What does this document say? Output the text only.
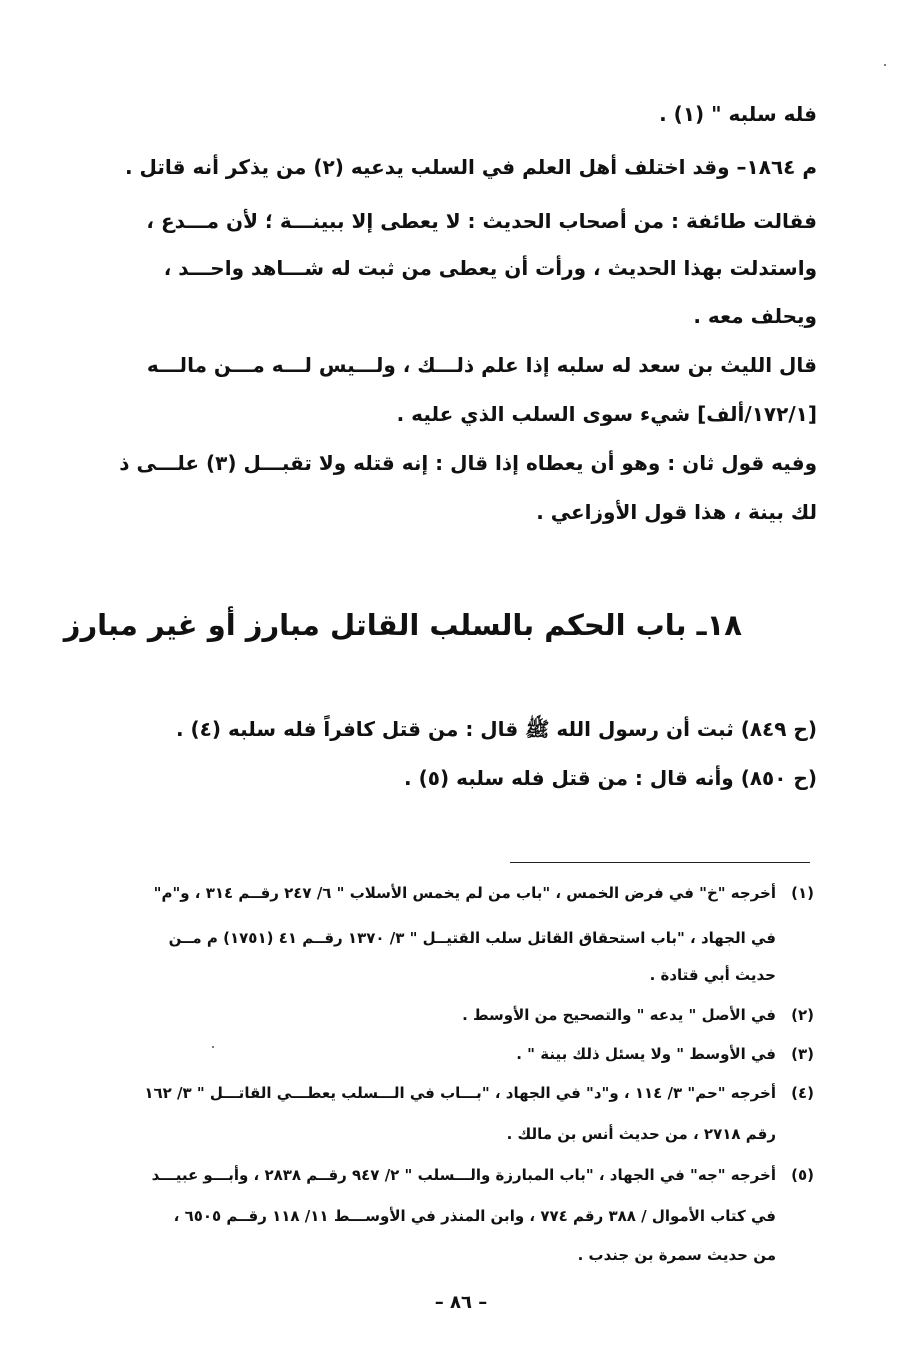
فله سلبه " (١) .
م ١٨٦٤– وقد اختلف أهل العلم في السلب يدعيه (٢) من يذكر أنه قاتل .
فقالت طائفة : من أصحاب الحديث : لا يعطى إلا ببينـــة ؛ لأن مـــدع ،
واستدلت بهذا الحديث ، ورأت أن يعطى من ثبت له شـــاهد واحـــد ،
ويحلف معه .
قال الليث بن سعد له سلبه إذا علم ذلـــك ، ولـــيس لـــه مـــن مالـــه
[١٧٢/١/ألف] شيء سوى السلب الذي عليه .
وفيه قول ثان : وهو أن يعطاه إذا قال : إنه قتله ولا تقبـــل (٣) علـــى ذ
لك بينة ، هذا قول الأوزاعي .
١٨ـ باب الحكم بالسلب القاتل مبارز أو غير مبارز
(ح ٨٤٩) ثبت أن رسول الله ﷺ قال : من قتل كافراً فله سلبه (٤) .
(ح ٨٥٠) وأنه قال : من قتل فله سلبه (٥) .
(١)أخرجه "خ" في فرض الخمس ، "باب من لم يخمس الأسلاب " ٦/ ٢٤٧ رقــم ٣١٤ ، و"م"
في الجهاد ، "باب استحقاق القاتل سلب القتيــل " ٣/ ١٣٧٠ رقــم ٤١ (١٧٥١) م مــن
حديث أبي قتادة .
(٢)في الأصل " يدعه " والتصحيح من الأوسط .
(٣)في الأوسط " ولا يسئل ذلك بينة " .
(٤)أخرجه "حم" ٣/ ١١٤ ، و"د" في الجهاد ، "بـــاب في الـــسلب يعطـــي القاتـــل " ٣/ ١٦٢
رقم ٢٧١٨ ، من حديث أنس بن مالك .
(٥)أخرجه "جه" في الجهاد ، "باب المبارزة والـــسلب " ٢/ ٩٤٧ رقــم ٢٨٣٨ ، وأبـــو عبيـــد
في كتاب الأموال / ٣٨٨ رقم ٧٧٤ ، وابن المنذر في الأوســـط ١١/ ١١٨ رقــم ٦٥٠٥ ،
من حديث سمرة بن جندب .
– ٨٦ –
